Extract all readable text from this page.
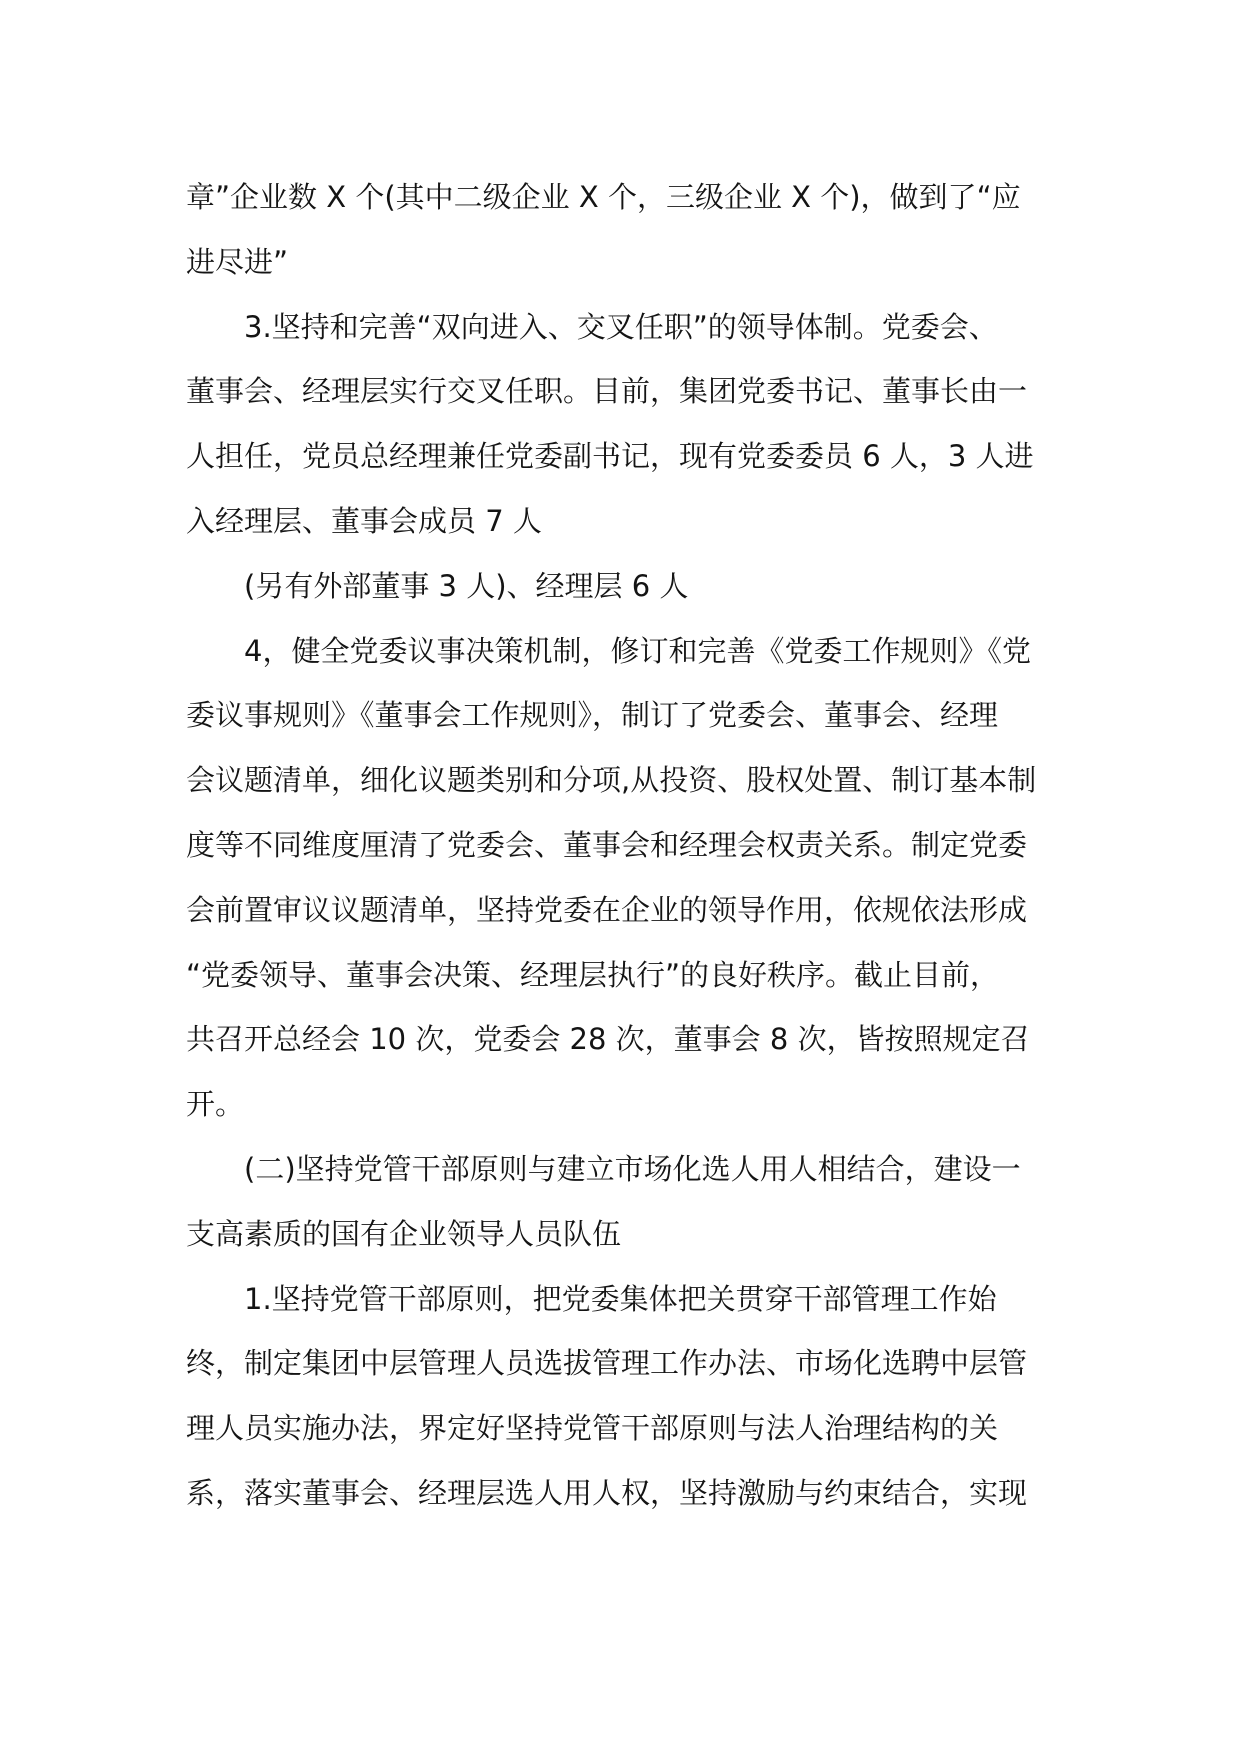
章”企业数 X 个(其中二级企业 X 个，三级企业 X 个)，做到了“应
进尽进”

3.坚持和完善“双向进入、交叉任职”的领导体制。党委会、
董事会、经理层实行交叉任职。目前，集团党委书记、董事长由一
人担任，党员总经理兼任党委副书记，现有党委委员 6 人，3 人进
入经理层、董事会成员 7 人

(另有外部董事 3 人)、经理层 6 人

4，健全党委议事决策机制，修订和完善《党委工作规则》《党
委议事规则》《董事会工作规则》，制订了党委会、董事会、经理
会议题清单，细化议题类别和分项,从投资、股权处置、制订基本制
度等不同维度厘清了党委会、董事会和经理会权责关系。制定党委
会前置审议议题清单，坚持党委在企业的领导作用，依规依法形成
“党委领导、董事会决策、经理层执行”的良好秩序。截止目前，
共召开总经会 10 次，党委会 28 次，董事会 8 次，皆按照规定召
开。

(二)坚持党管干部原则与建立市场化选人用人相结合，建设一
支高素质的国有企业领导人员队伍

1.坚持党管干部原则，把党委集体把关贯穿干部管理工作始
终，制定集团中层管理人员选拔管理工作办法、市场化选聘中层管
理人员实施办法，界定好坚持党管干部原则与法人治理结构的关
系，落实董事会、经理层选人用人权，坚持激励与约束结合，实现
